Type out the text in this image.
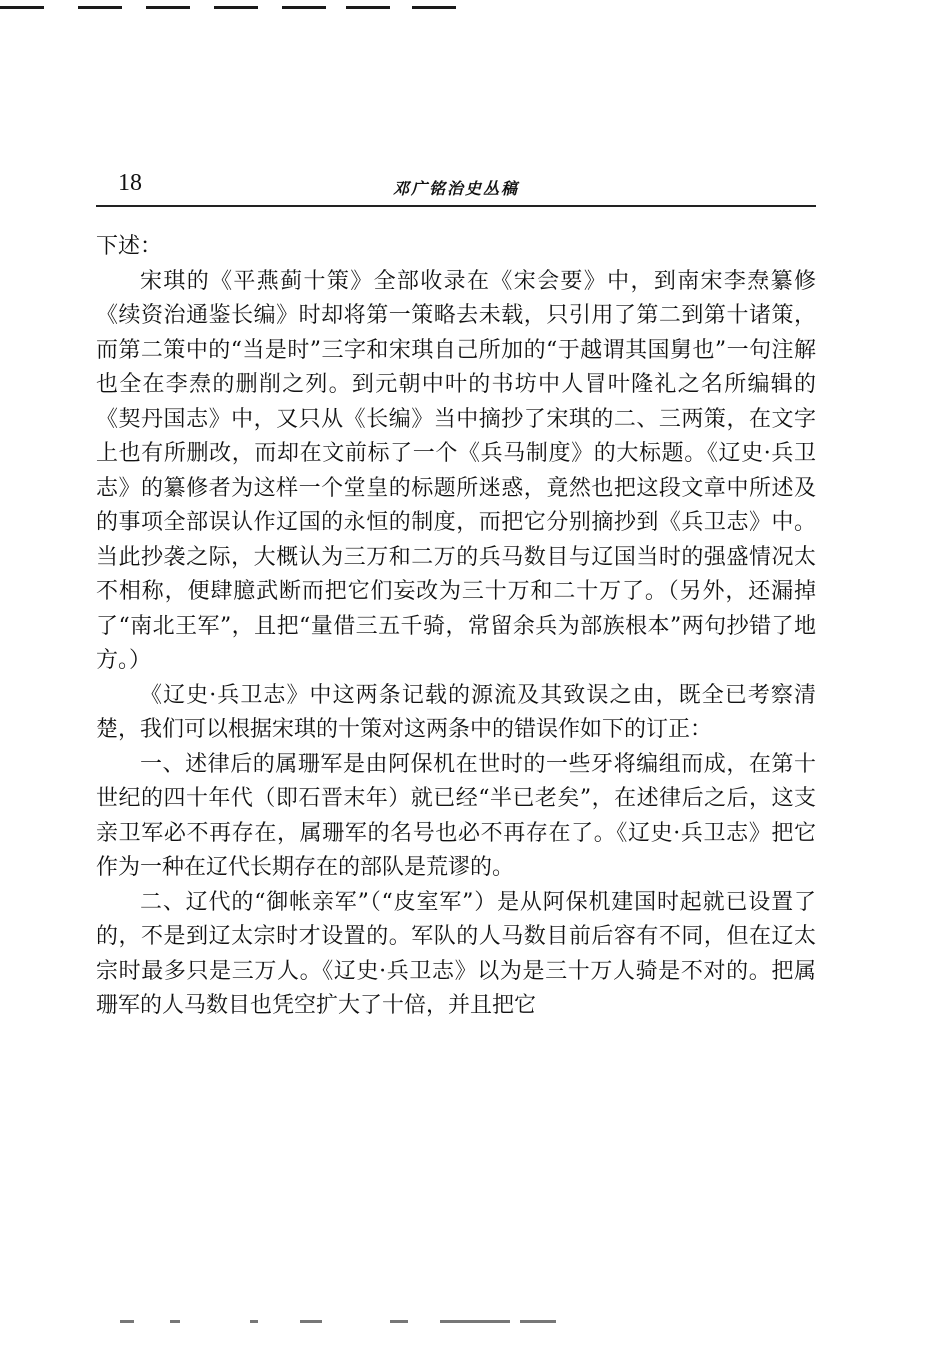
18	邓广铭治史丛稿

下述：

宋琪的《平燕蓟十策》全部收录在《宋会要》中，到南宋李焘纂修《续资治通鉴长编》时却将第一策略去未载，只引用了第二到第十诸策，而第二策中的“当是时”三字和宋琪自己所加的“于越谓其国舅也”一句注解也全在李焘的删削之列。到元朝中叶的书坊中人冒叶隆礼之名所编辑的《契丹国志》中，又只从《长编》当中摘抄了宋琪的二、三两策，在文字上也有所删改，而却在文前标了一个《兵马制度》的大标题。《辽史·兵卫志》的纂修者为这样一个堂皇的标题所迷惑，竟然也把这段文章中所述及的事项全部误认作辽国的永恒的制度，而把它分别摘抄到《兵卫志》中。当此抄袭之际，大概认为三万和二万的兵马数目与辽国当时的强盛情况太不相称，便肆臆武断而把它们妄改为三十万和二十万了。（另外，还漏掉了“南北王军”，且把“量借三五千骑，常留余兵为部族根本”两句抄错了地方。）

《辽史·兵卫志》中这两条记载的源流及其致误之由，既全已考察清楚，我们可以根据宋琪的十策对这两条中的错误作如下的订正：

一、述律后的属珊军是由阿保机在世时的一些牙将编组而成，在第十世纪的四十年代（即石晋末年）就已经“半已老矣”，在述律后之后，这支亲卫军必不再存在，属珊军的名号也必不再存在了。《辽史·兵卫志》把它作为一种在辽代长期存在的部队是荒谬的。

二、辽代的“御帐亲军”（“皮室军”）是从阿保机建国时起就已设置了的，不是到辽太宗时才设置的。军队的人马数目前后容有不同，但在辽太宗时最多只是三万人。《辽史·兵卫志》以为是三十万人骑是不对的。把属珊军的人马数目也凭空扩大了十倍，并且把它
